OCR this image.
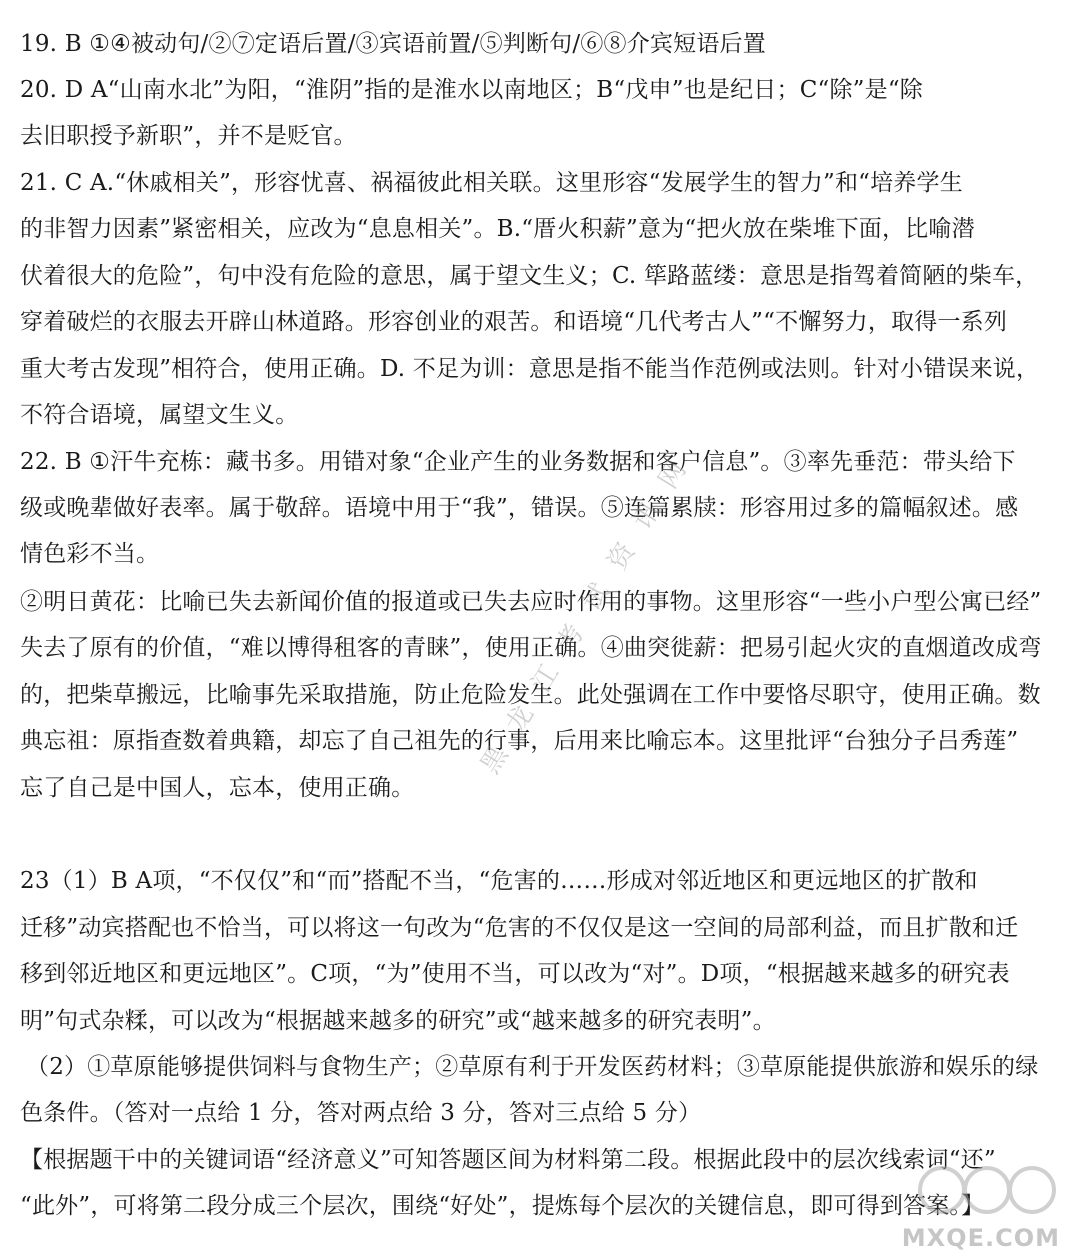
19. B ①④被动句/②⑦定语后置/③宾语前置/⑤判断句/⑥⑧介宾短语后置
20. D A“山南水北”为阳，“淮阴”指的是淮水以南地区；B“戊申”也是纪日；C“除”是“除
去旧职授予新职”，并不是贬官。
21. C A.“休戚相关”，形容忧喜、祸福彼此相关联。这里形容“发展学生的智力”和“培养学生
的非智力因素”紧密相关，应改为“息息相关”。B.“厝火积薪”意为“把火放在柴堆下面，比喻潜
伏着很大的危险”，句中没有危险的意思，属于望文生义；C. 筚路蓝缕：意思是指驾着简陋的柴车，
穿着破烂的衣服去开辟山林道路。形容创业的艰苦。和语境“几代考古人”“不懈努力，取得一系列
重大考古发现”相符合，使用正确。D. 不足为训：意思是指不能当作范例或法则。针对小错误来说，
不符合语境，属望文生义。
22. B ①汗牛充栋：藏书多。用错对象“企业产生的业务数据和客户信息”。③率先垂范：带头给下
级或晚辈做好表率。属于敬辞。语境中用于“我”，错误。⑤连篇累牍：形容用过多的篇幅叙述。感
情色彩不当。
②明日黄花：比喻已失去新闻价值的报道或已失去应时作用的事物。这里形容“一些小户型公寓已经”
失去了原有的价值，“难以博得租客的青睐”，使用正确。④曲突徙薪：把易引起火灾的直烟道改成弯
的，把柴草搬远，比喻事先采取措施，防止危险发生。此处强调在工作中要恪尽职守，使用正确。数
典忘祖：原指查数着典籍，却忘了自己祖先的行事，后用来比喻忘本。这里批评“台独分子吕秀莲”
忘了自己是中国人，忘本，使用正确。
23（1）B A项，“不仅仅”和“而”搭配不当，“危害的……形成对邻近地区和更远地区的扩散和
迁移”动宾搭配也不恰当，可以将这一句改为“危害的不仅仅是这一空间的局部利益，而且扩散和迁
移到邻近地区和更远地区”。C项，“为”使用不当，可以改为“对”。D项，“根据越来越多的研究表
明”句式杂糅，可以改为“根据越来越多的研究”或“越来越多的研究表明”。
（2）①草原能够提供饲料与食物生产；②草原有利于开发医药材料；③草原能提供旅游和娱乐的绿
色条件。（答对一点给 1 分，答对两点给 3 分，答对三点给 5 分）
【根据题干中的关键词语“经济意义”可知答题区间为材料第二段。根据此段中的层次线索词“还”
“此外”，可将第二段分成三个层次，围绕“好处”，提炼每个层次的关键信息，即可得到答案。】
黑龙江考试资讯网
MXQE.COM
